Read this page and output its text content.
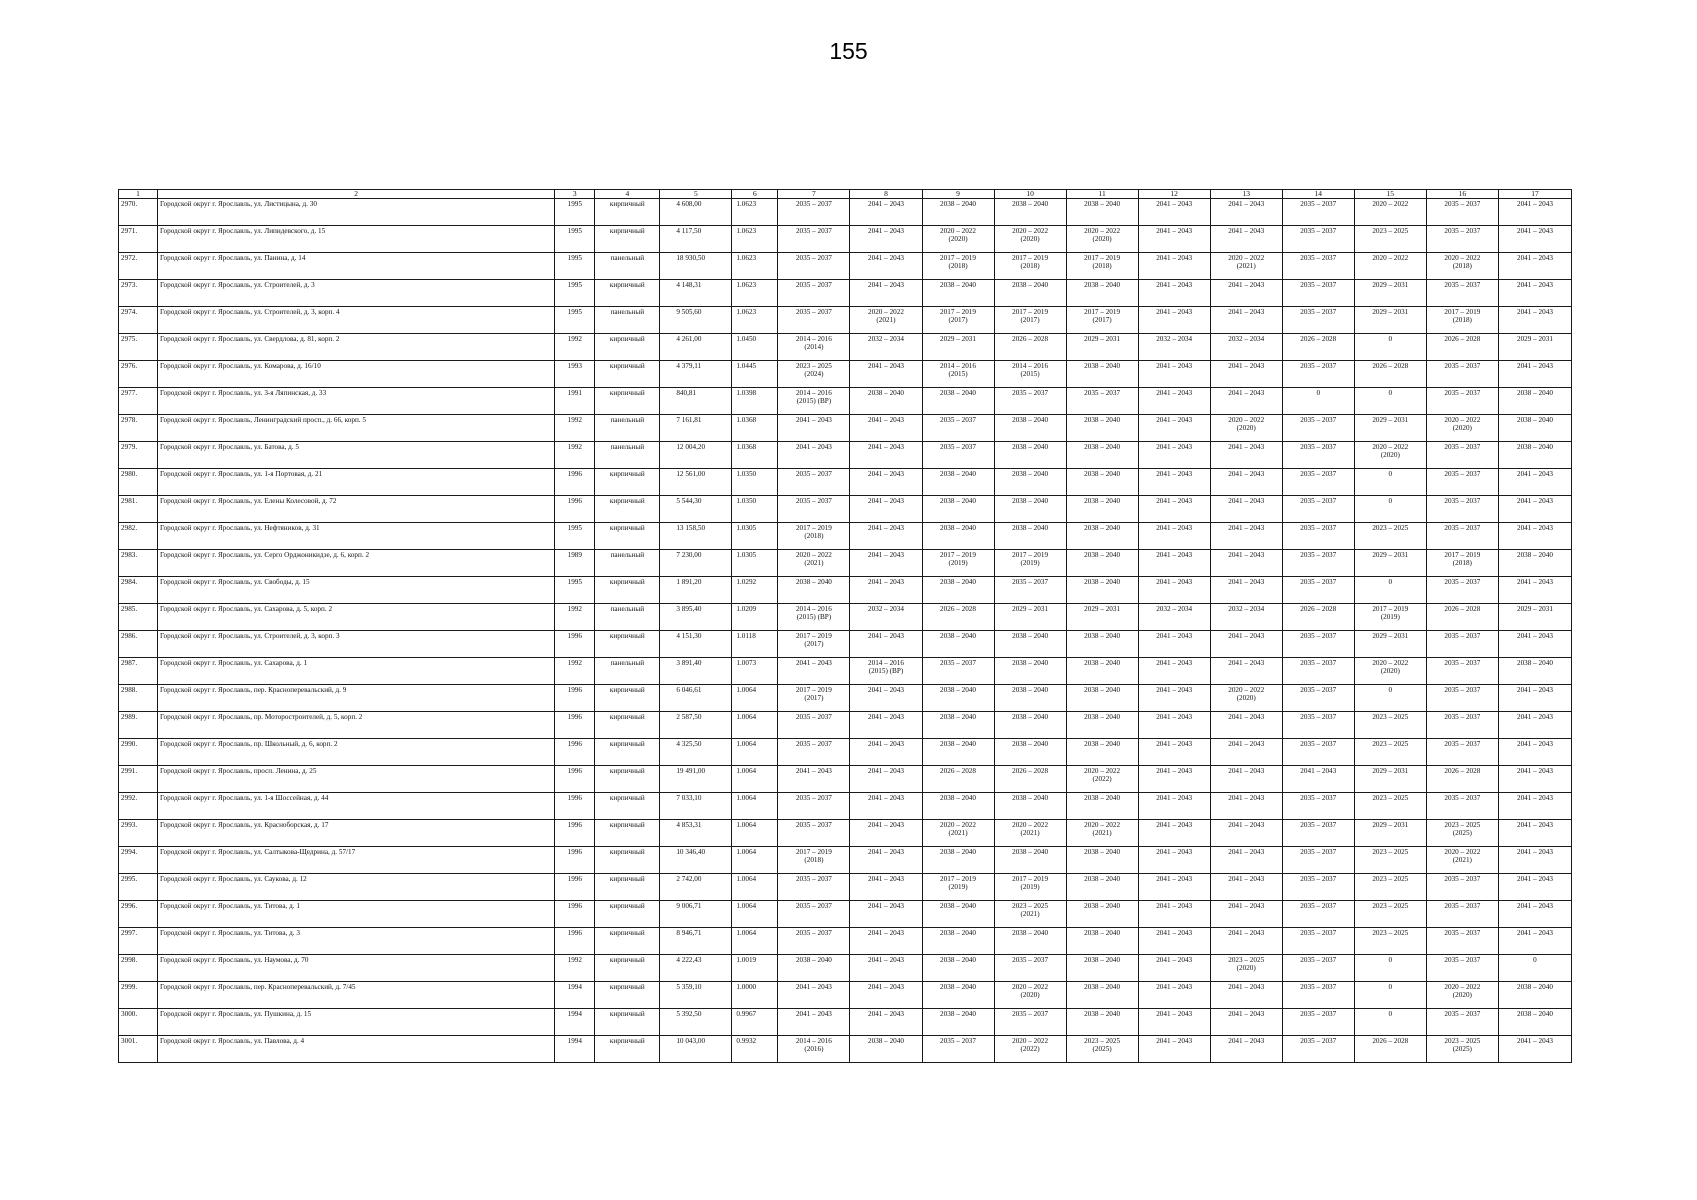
155
1	2	3	4	5	6	7	8	9	10	11	12	13	14	15	16	17
2970.	Городской округ г. Ярославль, ул. Листицына, д. 30	1995	кирпичный	4 608,00	1.0623	2035 – 2037	2041 – 2043	2038 – 2040	2038 – 2040	2038 – 2040	2041 – 2043	2041 – 2043	2035 – 2037	2020 – 2022	2035 – 2037	2041 – 2043
2971.	Городской округ г. Ярославль, ул. Липидевского, д. 15	1995	кирпичный	4 117,50	1.0623	2035 – 2037	2041 – 2043	2020 – 2022
(2020)	2020 – 2022
(2020)	2020 – 2022
(2020)	2041 – 2043	2041 – 2043	2035 – 2037	2023 – 2025	2035 – 2037	2041 – 2043
2972.	Городской округ г. Ярославль, ул. Панина, д. 14	1995	панельный	18 930,50	1.0623	2035 – 2037	2041 – 2043	2017 – 2019
(2018)	2017 – 2019
(2018)	2017 – 2019
(2018)	2041 – 2043	2020 – 2022
(2021)	2035 – 2037	2020 – 2022	2020 – 2022
(2018)	2041 – 2043
2973.	Городской округ г. Ярославль, ул. Строителей, д. 3	1995	кирпичный	4 148,31	1.0623	2035 – 2037	2041 – 2043	2038 – 2040	2038 – 2040	2038 – 2040	2041 – 2043	2041 – 2043	2035 – 2037	2029 – 2031	2035 – 2037	2041 – 2043
2974.	Городской округ г. Ярославль, ул. Строителей, д. 3, корп. 4	1995	панельный	9 505,60	1.0623	2035 – 2037	2020 – 2022
(2021)	2017 – 2019
(2017)	2017 – 2019
(2017)	2017 – 2019
(2017)	2041 – 2043	2041 – 2043	2035 – 2037	2029 – 2031	2017 – 2019
(2018)	2041 – 2043
2975.	Городской округ г. Ярославль, ул. Свердлова, д. 81, корп. 2	1992	кирпичный	4 261,00	1.0450	2014 – 2016
(2014)	2032 – 2034	2029 – 2031	2026 – 2028	2029 – 2031	2032 – 2034	2032 – 2034	2026 – 2028	0	2026 – 2028	2029 – 2031
2976.	Городской округ г. Ярославль, ул. Комарова, д. 16/10	1993	кирпичный	4 379,11	1.0445	2023 – 2025
(2024)	2041 – 2043	2014 – 2016
(2015)	2014 – 2016
(2015)	2038 – 2040	2041 – 2043	2041 – 2043	2035 – 2037	2026 – 2028	2035 – 2037	2041 – 2043
2977.	Городской округ г. Ярославль, ул. 3-я Ляпинская, д. 33	1991	кирпичный	840,81	1.0398	2014 – 2016
(2015) (ВР)	2038 – 2040	2038 – 2040	2035 – 2037	2035 – 2037	2041 – 2043	2041 – 2043	0	0	2035 – 2037	2038 – 2040
2978.	Городской округ г. Ярославль, Ленинградский просп., д. 66, корп. 5	1992	панельный	7 161,81	1.0368	2041 – 2043	2041 – 2043	2035 – 2037	2038 – 2040	2038 – 2040	2041 – 2043	2020 – 2022
(2020)	2035 – 2037	2029 – 2031	2020 – 2022
(2020)	2038 – 2040
2979.	Городской округ г. Ярославль, ул. Батова, д. 5	1992	панельный	12 004,20	1.0368	2041 – 2043	2041 – 2043	2035 – 2037	2038 – 2040	2038 – 2040	2041 – 2043	2041 – 2043	2035 – 2037	2020 – 2022
(2020)	2035 – 2037	2038 – 2040
2980.	Городской округ г. Ярославль, ул. 1-я Портовая, д. 21	1996	кирпичный	12 561,00	1.0350	2035 – 2037	2041 – 2043	2038 – 2040	2038 – 2040	2038 – 2040	2041 – 2043	2041 – 2043	2035 – 2037	0	2035 – 2037	2041 – 2043
2981.	Городской округ г. Ярославль, ул. Елены Колесовой, д. 72	1996	кирпичный	5 544,30	1.0350	2035 – 2037	2041 – 2043	2038 – 2040	2038 – 2040	2038 – 2040	2041 – 2043	2041 – 2043	2035 – 2037	0	2035 – 2037	2041 – 2043
2982.	Городской округ г. Ярославль, ул. Нефтяников, д. 31	1995	кирпичный	13 158,50	1.0305	2017 – 2019
(2018)	2041 – 2043	2038 – 2040	2038 – 2040	2038 – 2040	2041 – 2043	2041 – 2043	2035 – 2037	2023 – 2025	2035 – 2037	2041 – 2043
2983.	Городской округ г. Ярославль, ул. Серго Орджоникидзе, д. 6, корп. 2	1989	панельный	7 230,00	1.0305	2020 – 2022
(2021)	2041 – 2043	2017 – 2019
(2019)	2017 – 2019
(2019)	2038 – 2040	2041 – 2043	2041 – 2043	2035 – 2037	2029 – 2031	2017 – 2019
(2018)	2038 – 2040
2984.	Городской округ г. Ярославль, ул. Свободы, д. 15	1995	кирпичный	1 891,20	1.0292	2038 – 2040	2041 – 2043	2038 – 2040	2035 – 2037	2038 – 2040	2041 – 2043	2041 – 2043	2035 – 2037	0	2035 – 2037	2041 – 2043
2985.	Городской округ г. Ярославль, ул. Сахарова, д. 5, корп. 2	1992	панельный	3 895,40	1.0209	2014 – 2016
(2015) (ВР)	2032 – 2034	2026 – 2028	2029 – 2031	2029 – 2031	2032 – 2034	2032 – 2034	2026 – 2028	2017 – 2019
(2019)	2026 – 2028	2029 – 2031
2986.	Городской округ г. Ярославль, ул. Строителей, д. 3, корп. 3	1996	кирпичный	4 151,30	1.0118	2017 – 2019
(2017)	2041 – 2043	2038 – 2040	2038 – 2040	2038 – 2040	2041 – 2043	2041 – 2043	2035 – 2037	2029 – 2031	2035 – 2037	2041 – 2043
2987.	Городской округ г. Ярославль, ул. Сахарова, д. 1	1992	панельный	3 891,40	1.0073	2041 – 2043	2014 – 2016
(2015) (ВР)	2035 – 2037	2038 – 2040	2038 – 2040	2041 – 2043	2041 – 2043	2035 – 2037	2020 – 2022
(2020)	2035 – 2037	2038 – 2040
2988.	Городской округ г. Ярославль, пер. Красноперевальский, д. 9	1996	кирпичный	6 046,61	1.0064	2017 – 2019
(2017)	2041 – 2043	2038 – 2040	2038 – 2040	2038 – 2040	2041 – 2043	2020 – 2022
(2020)	2035 – 2037	0	2035 – 2037	2041 – 2043
2989.	Городской округ г. Ярославль, пр. Моторостроителей, д. 5, корп. 2	1996	кирпичный	2 587,50	1.0064	2035 – 2037	2041 – 2043	2038 – 2040	2038 – 2040	2038 – 2040	2041 – 2043	2041 – 2043	2035 – 2037	2023 – 2025	2035 – 2037	2041 – 2043
2990.	Городской округ г. Ярославль, пр. Школьный, д. 6, корп. 2	1996	кирпичный	4 325,50	1.0064	2035 – 2037	2041 – 2043	2038 – 2040	2038 – 2040	2038 – 2040	2041 – 2043	2041 – 2043	2035 – 2037	2023 – 2025	2035 – 2037	2041 – 2043
2991.	Городской округ г. Ярославль, просп. Ленина, д. 25	1996	кирпичный	19 491,00	1.0064	2041 – 2043	2041 – 2043	2026 – 2028	2026 – 2028	2020 – 2022
(2022)	2041 – 2043	2041 – 2043	2041 – 2043	2029 – 2031	2026 – 2028	2041 – 2043
2992.	Городской округ г. Ярославль, ул. 1-я Шоссейная, д. 44	1996	кирпичный	7 033,10	1.0064	2035 – 2037	2041 – 2043	2038 – 2040	2038 – 2040	2038 – 2040	2041 – 2043	2041 – 2043	2035 – 2037	2023 – 2025	2035 – 2037	2041 – 2043
2993.	Городской округ г. Ярославль, ул. Красноборская, д. 17	1996	кирпичный	4 853,31	1.0064	2035 – 2037	2041 – 2043	2020 – 2022
(2021)	2020 – 2022
(2021)	2020 – 2022
(2021)	2041 – 2043	2041 – 2043	2035 – 2037	2029 – 2031	2023 – 2025
(2025)	2041 – 2043
2994.	Городской округ г. Ярославль, ул. Салтыкова-Щедрина, д. 57/17	1996	кирпичный	10 346,40	1.0064	2017 – 2019
(2018)	2041 – 2043	2038 – 2040	2038 – 2040	2038 – 2040	2041 – 2043	2041 – 2043	2035 – 2037	2023 – 2025	2020 – 2022
(2021)	2041 – 2043
2995.	Городской округ г. Ярославль, ул. Саукова, д. 12	1996	кирпичный	2 742,00	1.0064	2035 – 2037	2041 – 2043	2017 – 2019
(2019)	2017 – 2019
(2019)	2038 – 2040	2041 – 2043	2041 – 2043	2035 – 2037	2023 – 2025	2035 – 2037	2041 – 2043
2996.	Городской округ г. Ярославль, ул. Титова, д. 1	1996	кирпичный	9 006,71	1.0064	2035 – 2037	2041 – 2043	2038 – 2040	2023 – 2025
(2021)	2038 – 2040	2041 – 2043	2041 – 2043	2035 – 2037	2023 – 2025	2035 – 2037	2041 – 2043
2997.	Городской округ г. Ярославль, ул. Титова, д. 3	1996	кирпичный	8 946,71	1.0064	2035 – 2037	2041 – 2043	2038 – 2040	2038 – 2040	2038 – 2040	2041 – 2043	2041 – 2043	2035 – 2037	2023 – 2025	2035 – 2037	2041 – 2043
2998.	Городской округ г. Ярославль, ул. Наумова, д. 70	1992	кирпичный	4 222,43	1.0019	2038 – 2040	2041 – 2043	2038 – 2040	2035 – 2037	2038 – 2040	2041 – 2043	2023 – 2025
(2020)	2035 – 2037	0	2035 – 2037	0
2999.	Городской округ г. Ярославль, пер. Красноперевальский, д. 7/45	1994	кирпичный	5 359,10	1.0000	2041 – 2043	2041 – 2043	2038 – 2040	2020 – 2022
(2020)	2038 – 2040	2041 – 2043	2041 – 2043	2035 – 2037	0	2020 – 2022
(2020)	2038 – 2040
3000.	Городской округ г. Ярославль, ул. Пушкина, д. 15	1994	кирпичный	5 392,50	0.9967	2041 – 2043	2041 – 2043	2038 – 2040	2035 – 2037	2038 – 2040	2041 – 2043	2041 – 2043	2035 – 2037	0	2035 – 2037	2038 – 2040
3001.	Городской округ г. Ярославль, ул. Павлова, д. 4	1994	кирпичный	10 043,00	0.9932	2014 – 2016
(2016)	2038 – 2040	2035 – 2037	2020 – 2022
(2022)	2023 – 2025
(2025)	2041 – 2043	2041 – 2043	2035 – 2037	2026 – 2028	2023 – 2025
(2025)	2041 – 2043
